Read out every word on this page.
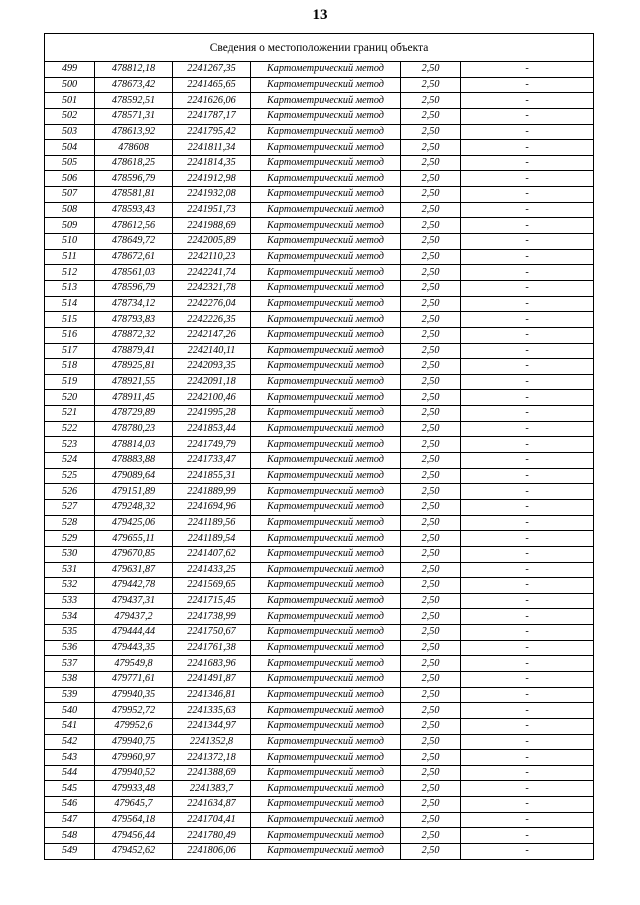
13
Сведения о местоположении границ объекта					
499	478812,18	2241267,35	Картометрический метод	2,50	-
500	478673,42	2241465,65	Картометрический метод	2,50	-
501	478592,51	2241626,06	Картометрический метод	2,50	-
502	478571,31	2241787,17	Картометрический метод	2,50	-
503	478613,92	2241795,42	Картометрический метод	2,50	-
504	478608	2241811,34	Картометрический метод	2,50	-
505	478618,25	2241814,35	Картометрический метод	2,50	-
506	478596,79	2241912,98	Картометрический метод	2,50	-
507	478581,81	2241932,08	Картометрический метод	2,50	-
508	478593,43	2241951,73	Картометрический метод	2,50	-
509	478612,56	2241988,69	Картометрический метод	2,50	-
510	478649,72	2242005,89	Картометрический метод	2,50	-
511	478672,61	2242110,23	Картометрический метод	2,50	-
512	478561,03	2242241,74	Картометрический метод	2,50	-
513	478596,79	2242321,78	Картометрический метод	2,50	-
514	478734,12	2242276,04	Картометрический метод	2,50	-
515	478793,83	2242226,35	Картометрический метод	2,50	-
516	478872,32	2242147,26	Картометрический метод	2,50	-
517	478879,41	2242140,11	Картометрический метод	2,50	-
518	478925,81	2242093,35	Картометрический метод	2,50	-
519	478921,55	2242091,18	Картометрический метод	2,50	-
520	478911,45	2242100,46	Картометрический метод	2,50	-
521	478729,89	2241995,28	Картометрический метод	2,50	-
522	478780,23	2241853,44	Картометрический метод	2,50	-
523	478814,03	2241749,79	Картометрический метод	2,50	-
524	478883,88	2241733,47	Картометрический метод	2,50	-
525	479089,64	2241855,31	Картометрический метод	2,50	-
526	479151,89	2241889,99	Картометрический метод	2,50	-
527	479248,32	2241694,96	Картометрический метод	2,50	-
528	479425,06	2241189,56	Картометрический метод	2,50	-
529	479655,11	2241189,54	Картометрический метод	2,50	-
530	479670,85	2241407,62	Картометрический метод	2,50	-
531	479631,87	2241433,25	Картометрический метод	2,50	-
532	479442,78	2241569,65	Картометрический метод	2,50	-
533	479437,31	2241715,45	Картометрический метод	2,50	-
534	479437,2	2241738,99	Картометрический метод	2,50	-
535	479444,44	2241750,67	Картометрический метод	2,50	-
536	479443,35	2241761,38	Картометрический метод	2,50	-
537	479549,8	2241683,96	Картометрический метод	2,50	-
538	479771,61	2241491,87	Картометрический метод	2,50	-
539	479940,35	2241346,81	Картометрический метод	2,50	-
540	479952,72	2241335,63	Картометрический метод	2,50	-
541	479952,6	2241344,97	Картометрический метод	2,50	-
542	479940,75	2241352,8	Картометрический метод	2,50	-
543	479960,97	2241372,18	Картометрический метод	2,50	-
544	479940,52	2241388,69	Картометрический метод	2,50	-
545	479933,48	2241383,7	Картометрический метод	2,50	-
546	479645,7	2241634,87	Картометрический метод	2,50	-
547	479564,18	2241704,41	Картометрический метод	2,50	-
548	479456,44	2241780,49	Картометрический метод	2,50	-
549	479452,62	2241806,06	Картометрический метод	2,50	-
